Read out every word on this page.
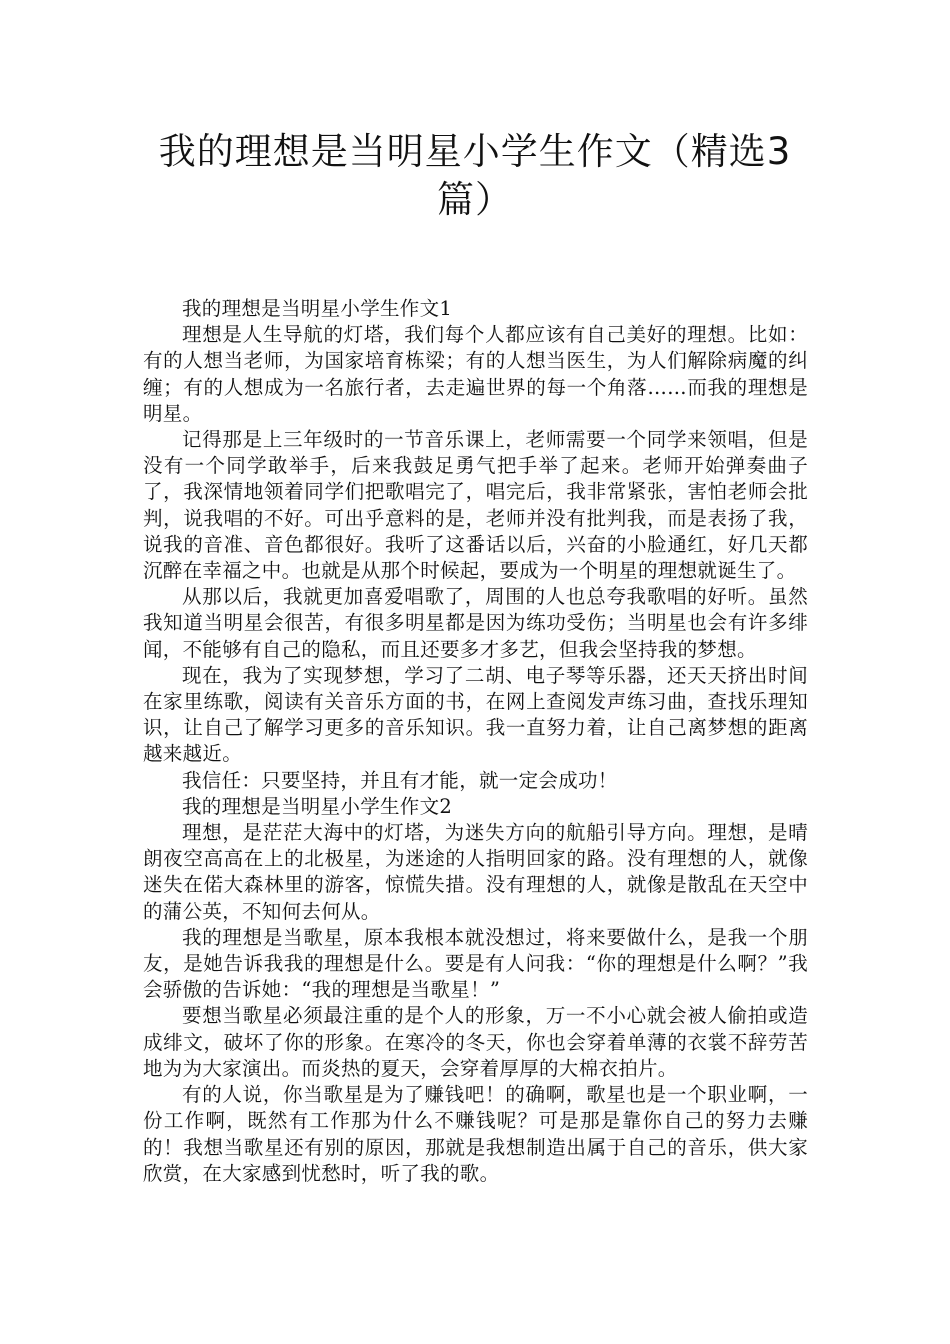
我的理想是当明星小学生作文（精选3篇）

我的理想是当明星小学生作文1

理想是人生导航的灯塔，我们每个人都应该有自己美好的理想。比如：有的人想当老师，为国家培育栋梁；有的人想当医生，为人们解除病魔的纠缠；有的人想成为一名旅行者，去走遍世界的每一个角落……而我的理想是明星。

记得那是上三年级时的一节音乐课上，老师需要一个同学来领唱，但是没有一个同学敢举手，后来我鼓足勇气把手举了起来。老师开始弹奏曲子了，我深情地领着同学们把歌唱完了，唱完后，我非常紧张，害怕老师会批判，说我唱的不好。可出乎意料的是，老师并没有批判我，而是表扬了我，说我的音准、音色都很好。我听了这番话以后，兴奋的小脸通红，好几天都沉醉在幸福之中。也就是从那个时候起，要成为一个明星的理想就诞生了。

从那以后，我就更加喜爱唱歌了，周围的人也总夸我歌唱的好听。虽然我知道当明星会很苦，有很多明星都是因为练功受伤；当明星也会有许多绯闻，不能够有自己的隐私，而且还要多才多艺，但我会坚持我的梦想。

现在，我为了实现梦想，学习了二胡、电子琴等乐器，还天天挤出时间在家里练歌，阅读有关音乐方面的书，在网上查阅发声练习曲，查找乐理知识，让自己了解学习更多的音乐知识。我一直努力着，让自己离梦想的距离越来越近。

我信任：只要坚持，并且有才能，就一定会成功！

我的理想是当明星小学生作文2

理想，是茫茫大海中的灯塔，为迷失方向的航船引导方向。理想，是晴朗夜空高高在上的北极星，为迷途的人指明回家的路。没有理想的人，就像迷失在偌大森林里的游客，惊慌失措。没有理想的人，就像是散乱在天空中的蒲公英，不知何去何从。

我的理想是当歌星，原本我根本就没想过，将来要做什么，是我一个朋友，是她告诉我我的理想是什么。要是有人问我：“你的理想是什么啊？”我会骄傲的告诉她：“我的理想是当歌星！”

要想当歌星必须最注重的是个人的形象，万一不小心就会被人偷拍或造成绯文，破坏了你的形象。在寒冷的冬天，你也会穿着单薄的衣裳不辞劳苦地为为大家演出。而炎热的夏天，会穿着厚厚的大棉衣拍片。

有的人说，你当歌星是为了赚钱吧！的确啊，歌星也是一个职业啊，一份工作啊，既然有工作那为什么不赚钱呢？可是那是靠你自己的努力去赚的！我想当歌星还有别的原因，那就是我想制造出属于自己的音乐，供大家欣赏，在大家感到忧愁时，听了我的歌。
